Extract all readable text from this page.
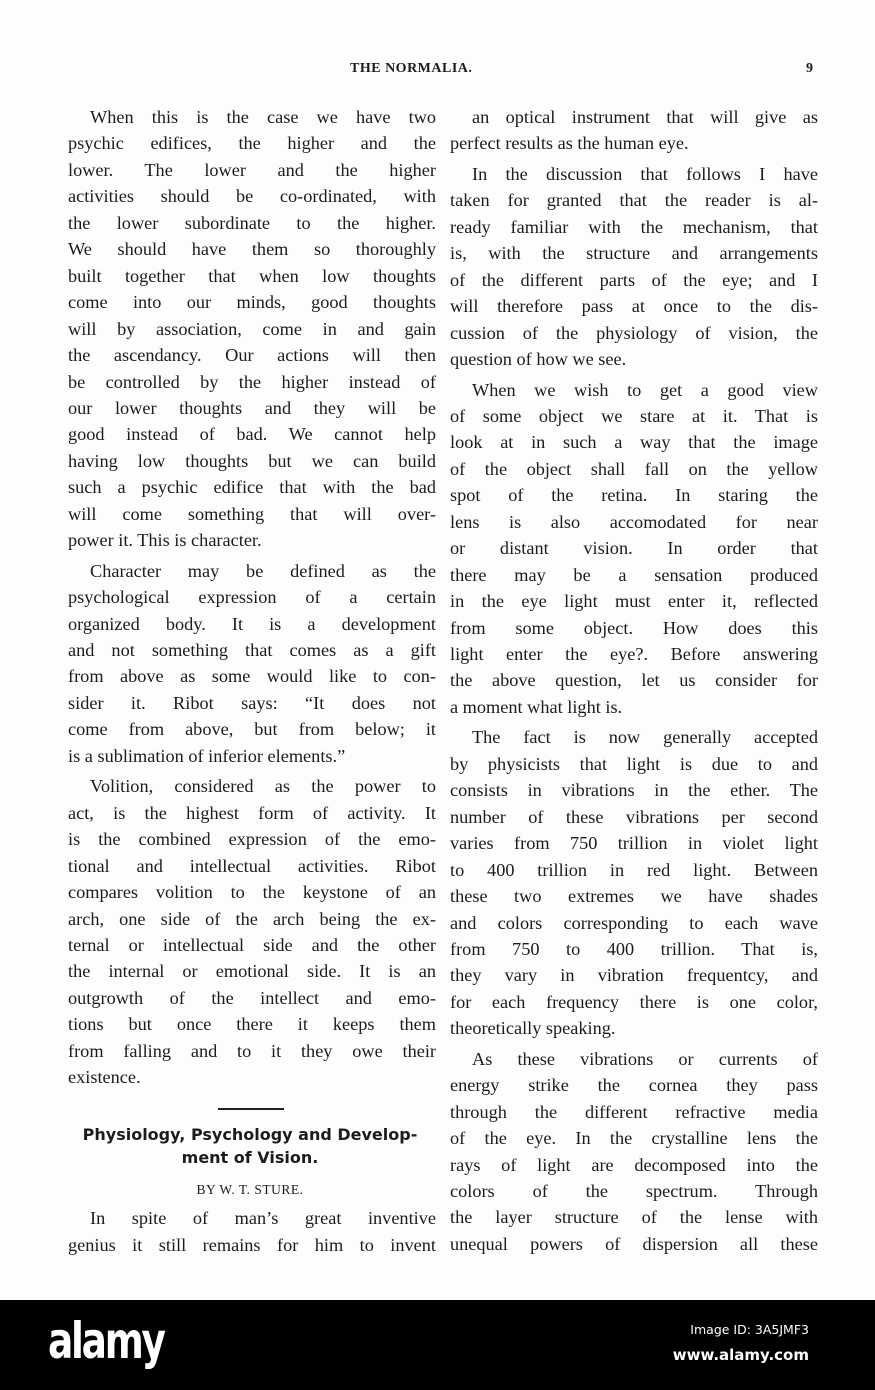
THE NORMALIA.	9
When this is the case we have two
psychic edifices, the higher and the
lower. The lower and the higher
activities should be co-ordinated, with
the lower subordinate to the higher.
We should have them so thoroughly
built together that when low thoughts
come into our minds, good thoughts
will by association, come in and gain
the ascendancy. Our actions will then
be controlled by the higher instead of
our lower thoughts and they will be
good instead of bad. We cannot help
having low thoughts but we can build
such a psychic edifice that with the bad
will come something that will over-
power it. This is character.
Character may be defined as the
psychological expression of a certain
organized body. It is a development
and not something that comes as a gift
from above as some would like to con-
sider it. Ribot says: “It does not
come from above, but from below; it
is a sublimation of inferior elements.”
Volition, considered as the power to
act, is the highest form of activity. It
is the combined expression of the emo-
tional and intellectual activities. Ribot
compares volition to the keystone of an
arch, one side of the arch being the ex-
ternal or intellectual side and the other
the internal or emotional side. It is an
outgrowth of the intellect and emo-
tions but once there it keeps them
from falling and to it they owe their
existence.
an optical instrument that will give as
perfect results as the human eye.
In the discussion that follows I have
taken for granted that the reader is al-
ready familiar with the mechanism, that
is, with the structure and arrangements
of the different parts of the eye; and I
will therefore pass at once to the dis-
cussion of the physiology of vision, the
question of how we see.
When we wish to get a good view
of some object we stare at it. That is
look at in such a way that the image
of the object shall fall on the yellow
spot of the retina. In staring the
lens is also accomodated for near
or distant vision. In order that
there may be a sensation produced
in the eye light must enter it, reflected
from some object. How does this
light enter the eye?. Before answering
the above question, let us consider for
a moment what light is.
The fact is now generally accepted
by physicists that light is due to and
consists in vibrations in the ether. The
number of these vibrations per second
varies from 750 trillion in violet light
to 400 trillion in red light. Between
these two extremes we have shades
and colors corresponding to each wave
from 750 to 400 trillion. That is,
they vary in vibration frequentcy, and
for each frequency there is one color,
theoretically speaking.
As these vibrations or currents of
energy strike the cornea they pass
through the different refractive media
of the eye. In the crystalline lens the
rays of light are decomposed into the
colors of the spectrum. Through
the layer structure of the lense with
unequal powers of dispersion all these
Physiology, Psychology and Develop-
ment of Vision.
BY W. T. STURE.
In spite of man’s great inventive
genius it still remains for him to invent
alamy	Image ID: 3A5JMF3
www.alamy.com
